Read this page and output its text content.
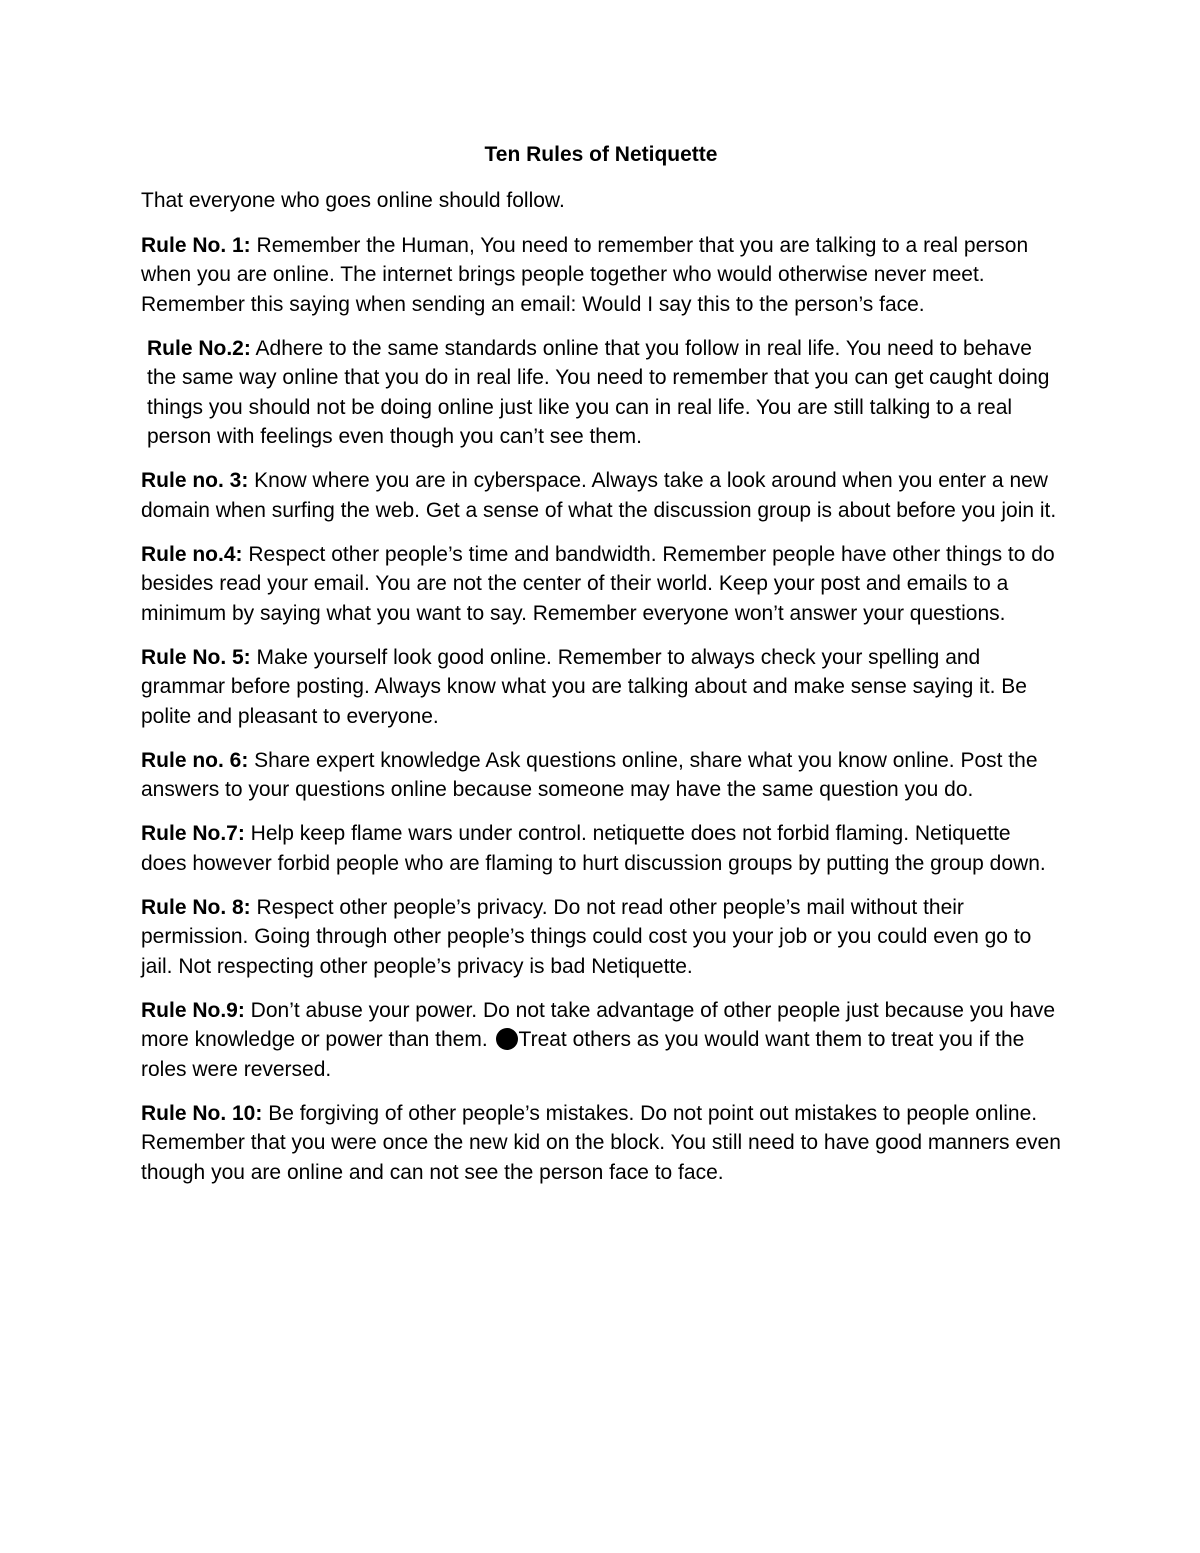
Ten Rules of Netiquette
That everyone who goes online should follow.

Rule No. 1: Remember the Human, You need to remember that you are talking to a real person when you are online. The internet brings people together who would otherwise never meet. Remember this saying when sending an email: Would I say this to the person’s face.

Rule No.2: Adhere to the same standards online that you follow in real life. You need to behave the same way online that you do in real life. You need to remember that you can get caught doing things you should not be doing online just like you can in real life. You are still talking to a real person with feelings even though you can’t see them.

Rule no. 3: Know where you are in cyberspace. Always take a look around when you enter a new domain when surfing the web. Get a sense of what the discussion group is about before you join it.

Rule no.4: Respect other people’s time and bandwidth. Remember people have other things to do besides read your email. You are not the center of their world. Keep your post and emails to a minimum by saying what you want to say. Remember everyone won’t answer your questions.

Rule No. 5: Make yourself look good online. Remember to always check your spelling and grammar before posting. Always know what you are talking about and make sense saying it. Be polite and pleasant to everyone.

Rule no. 6: Share expert knowledge Ask questions online, share what you know online. Post the answers to your questions online because someone may have the same question you do.

Rule No.7: Help keep flame wars under control. netiquette does not forbid flaming. Netiquette does however forbid people who are flaming to hurt discussion groups by putting the group down.

Rule No. 8: Respect other people’s privacy. Do not read other people’s mail without their permission. Going through other people’s things could cost you your job or you could even go to jail. Not respecting other people’s privacy is bad Netiquette.

Rule No.9: Don’t abuse your power. Do not take advantage of other people just because you have more knowledge or power than them. Treat others as you would want them to treat you if the roles were reversed.

Rule No. 10: Be forgiving of other people’s mistakes. Do not point out mistakes to people online. Remember that you were once the new kid on the block. You still need to have good manners even though you are online and can not see the person face to face.
